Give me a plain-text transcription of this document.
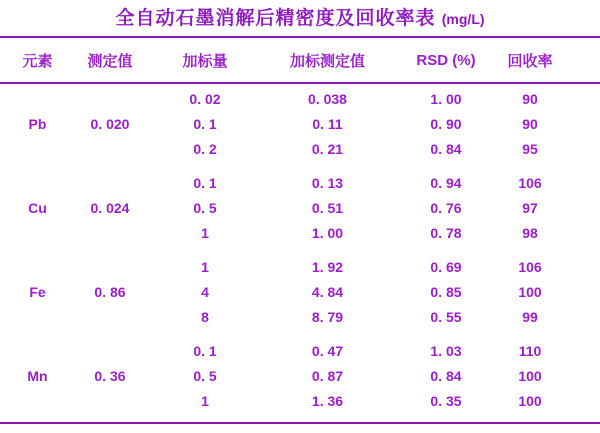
全自动石墨消解后精密度及回收率表 (mg/L)
元素	测定值	加标量	加标测定值	RSD (%)	回收率
		0. 02	0. 038	1. 00	90
Pb	0. 020	0. 1	0. 11	0. 90	90
		0. 2	0. 21	0. 84	95
		0. 1	0. 13	0. 94	106
Cu	0. 024	0. 5	0. 51	0. 76	97
		1	1. 00	0. 78	98
		1	1. 92	0. 69	106
Fe	0. 86	4	4. 84	0. 85	100
		8	8. 79	0. 55	99
		0. 1	0. 47	1. 03	110
Mn	0. 36	0. 5	0. 87	0. 84	100
		1	1. 36	0. 35	100
